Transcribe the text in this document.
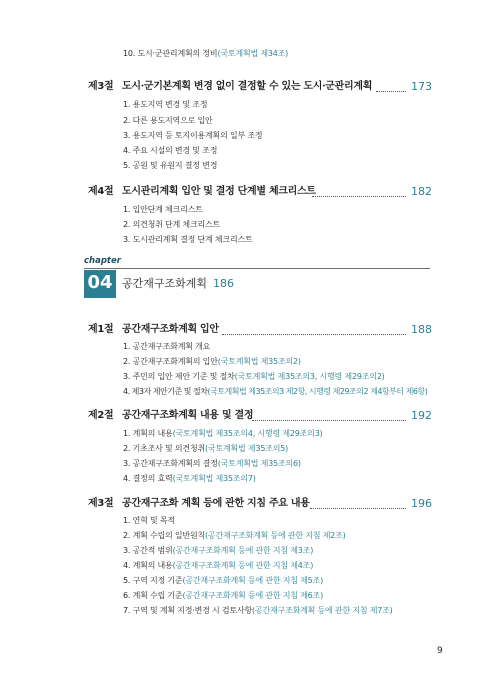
10. 도시·군관리계획의 정비(국토계획법 제34조)
제3절 도시·군기본계획 변경 없이 결정할 수 있는 도시·군관리계획	173
1. 용도지역 변경 및 조정
2. 다른 용도지역으로 입안
3. 용도지역 등 토지이용계획의 일부 조정
4. 주요 시설의 변경 및 조정
5. 공원 및 유원지 결정 변경
제4절 도시관리계획 입안 및 결정 단계별 체크리스트	182
1. 입안단계 체크리스트
2. 의견청취 단계 체크리스트
3. 도시관리계획 결정 단계 체크리스트
chapter
04 공간재구조화계획 186
제1절 공간재구조화계획 입안	188
1. 공간재구조화계획 개요
2. 공간재구조화계획의 입안(국토계획법 제35조의2)
3. 주민의 입안 제안 기준 및 절차(국토계획법 제35조의3, 시행령 제29조의2)
4. 제3자 제안기준 및 절차(국토계획법 제35조의3 제2항, 시행령 제29조의2 제4항부터 제6항)
제2절 공간재구조화계획 내용 및 결정	192
1. 계획의 내용(국토계획법 제35조의4, 시행령 제29조의3)
2. 기초조사 및 의견청취(국토계획법 제35조의5)
3. 공간재구조화계획의 결정(국토계획법 제35조의6)
4. 결정의 효력(국토계획법 제35조의7)
제3절 공간재구조화 계획 등에 관한 지침 주요 내용	196
1. 연혁 및 목적
2. 계획 수립의 일반원칙(공간재구조화계획 등에 관한 지침 제2조)
3. 공간적 범위(공간재구조화계획 등에 관한 지침 제3조)
4. 계획의 내용(공간재구조화계획 등에 관한 지침 제4조)
5. 구역 지정 기준(공간재구조화계획 등에 관한 지침 제5조)
6. 계획 수립 기준(공간재구조화계획 등에 관한 지침 제6조)
7. 구역 및 계획 지정·변경 시 검토사항(공간재구조화계획 등에 관한 지침 제7조)
9
